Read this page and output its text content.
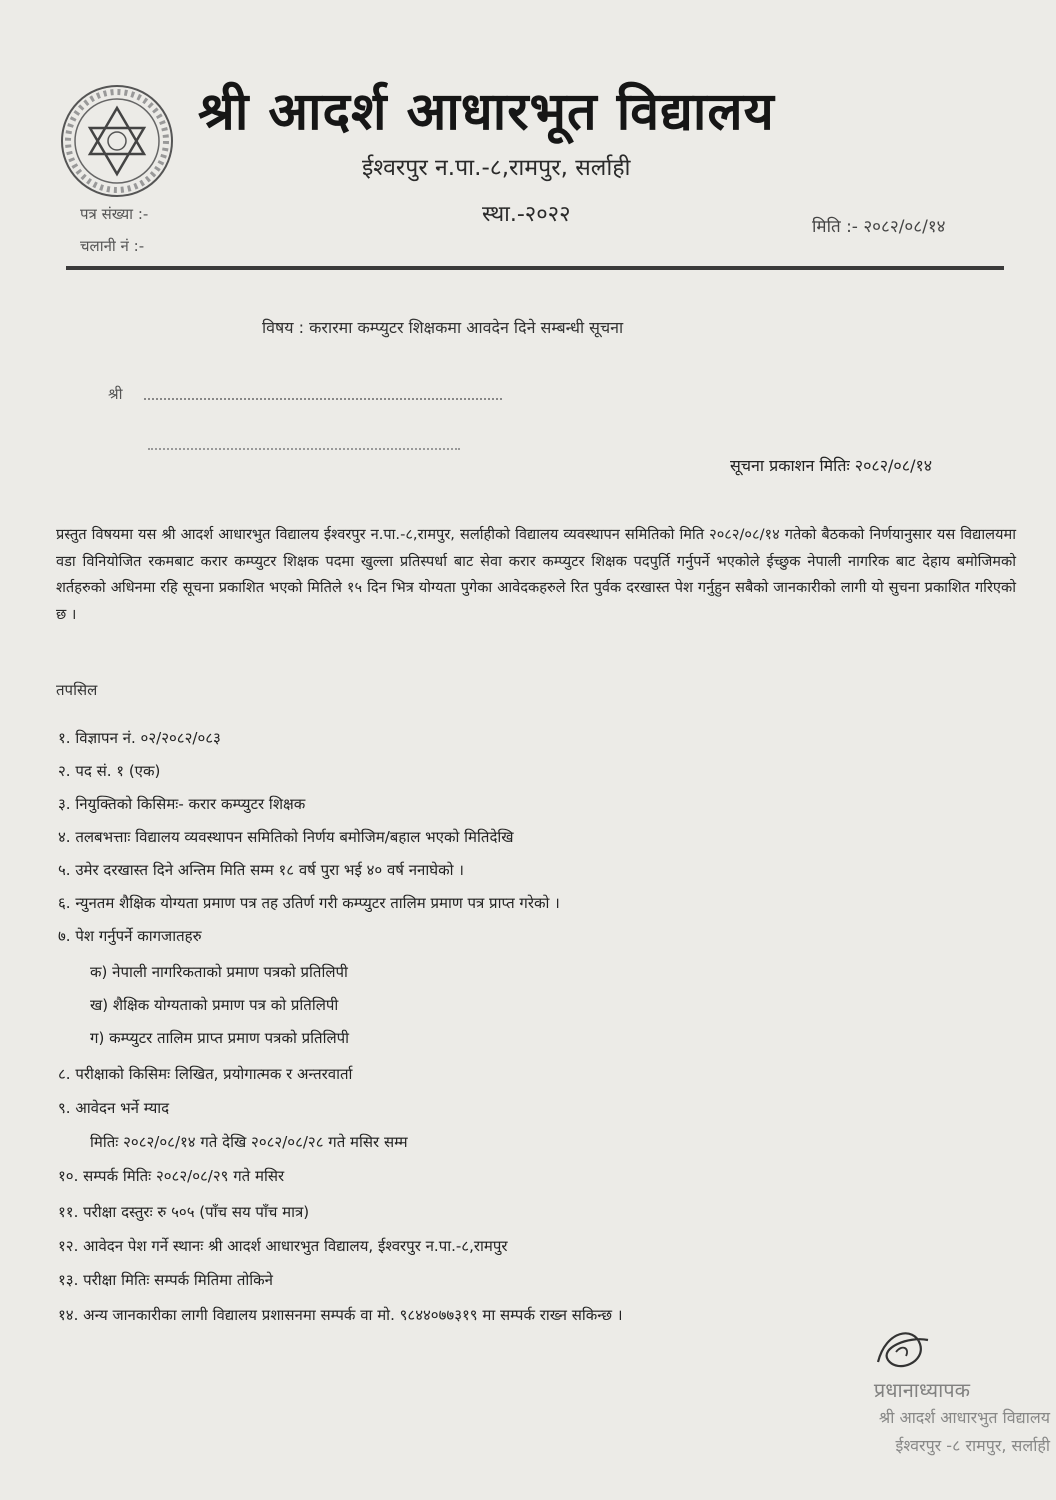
श्री आदर्श आधारभूत विद्यालय
ईश्वरपुर न.पा.-८,रामपुर, सर्लाही
स्था.-२०२२
पत्र संख्या :-
चलानी नं :-
मिति :- २०८२/०८/१४
विषय : करारमा कम्प्युटर शिक्षकमा आवदेन दिने सम्बन्धी सूचना
श्री
सूचना प्रकाशन मितिः २०८२/०८/१४
प्रस्तुत विषयमा यस श्री आदर्श आधारभुत विद्यालय ईश्वरपुर न.पा.-८,रामपुर, सर्लाहीको विद्यालय व्यवस्थापन समितिको मिति २०८२/०८/१४ गतेको बैठकको निर्णयानुसार यस विद्यालयमा वडा विनियोजित रकमबाट करार कम्प्युटर शिक्षक पदमा खुल्ला प्रतिस्पर्धा बाट सेवा करार कम्प्युटर शिक्षक पदपुर्ति गर्नुपर्ने भएकोले ईच्छुक नेपाली नागरिक बाट देहाय बमोजिमको शर्तहरुको अधिनमा रहि सूचना प्रकाशित भएको मितिले १५ दिन भित्र योग्यता पुगेका आवेदकहरुले रित पुर्वक दरखास्त पेश गर्नुहुन सबैको जानकारीको लागी यो सुचना प्रकाशित गरिएको छ ।
तपसिल
१. विज्ञापन नं. ०२/२०८२/०८३
२. पद सं. १ (एक)
३. नियुक्तिको किसिमः- करार कम्प्युटर शिक्षक
४. तलबभत्ताः विद्यालय व्यवस्थापन समितिको निर्णय बमोजिम/बहाल भएको मितिदेखि
५. उमेर दरखास्त दिने अन्तिम मिति सम्म १८ वर्ष पुरा भई ४० वर्ष ननाघेको ।
६. न्युनतम शैक्षिक योग्यता प्रमाण पत्र तह उतिर्ण गरी कम्प्युटर तालिम प्रमाण पत्र प्राप्त गरेको ।
७. पेश गर्नुपर्ने कागजातहरु
क) नेपाली नागरिकताको प्रमाण पत्रको प्रतिलिपी
ख) शैक्षिक योग्यताको प्रमाण पत्र को प्रतिलिपी
ग) कम्प्युटर तालिम प्राप्त प्रमाण पत्रको प्रतिलिपी
८. परीक्षाको किसिमः लिखित, प्रयोगात्मक र अन्तरवार्ता
९. आवेदन भर्ने म्याद
मितिः २०८२/०८/१४ गते देखि २०८२/०८/२८ गते मसिर सम्म
१०. सम्पर्क मितिः २०८२/०८/२९ गते मसिर
११. परीक्षा दस्तुरः रु ५०५ (पाँच सय पाँच मात्र)
१२. आवेदन पेश गर्ने स्थानः श्री आदर्श आधारभुत विद्यालय, ईश्वरपुर न.पा.-८,रामपुर
१३. परीक्षा मितिः सम्पर्क मितिमा तोकिने
१४. अन्य जानकारीका लागी विद्यालय प्रशासनमा सम्पर्क वा मो. ९८४४०७७३१९ मा सम्पर्क राख्न सकिन्छ ।
प्रधानाध्यापक
श्री आदर्श आधारभुत विद्यालय
ईश्वरपुर -८ रामपुर, सर्लाही
